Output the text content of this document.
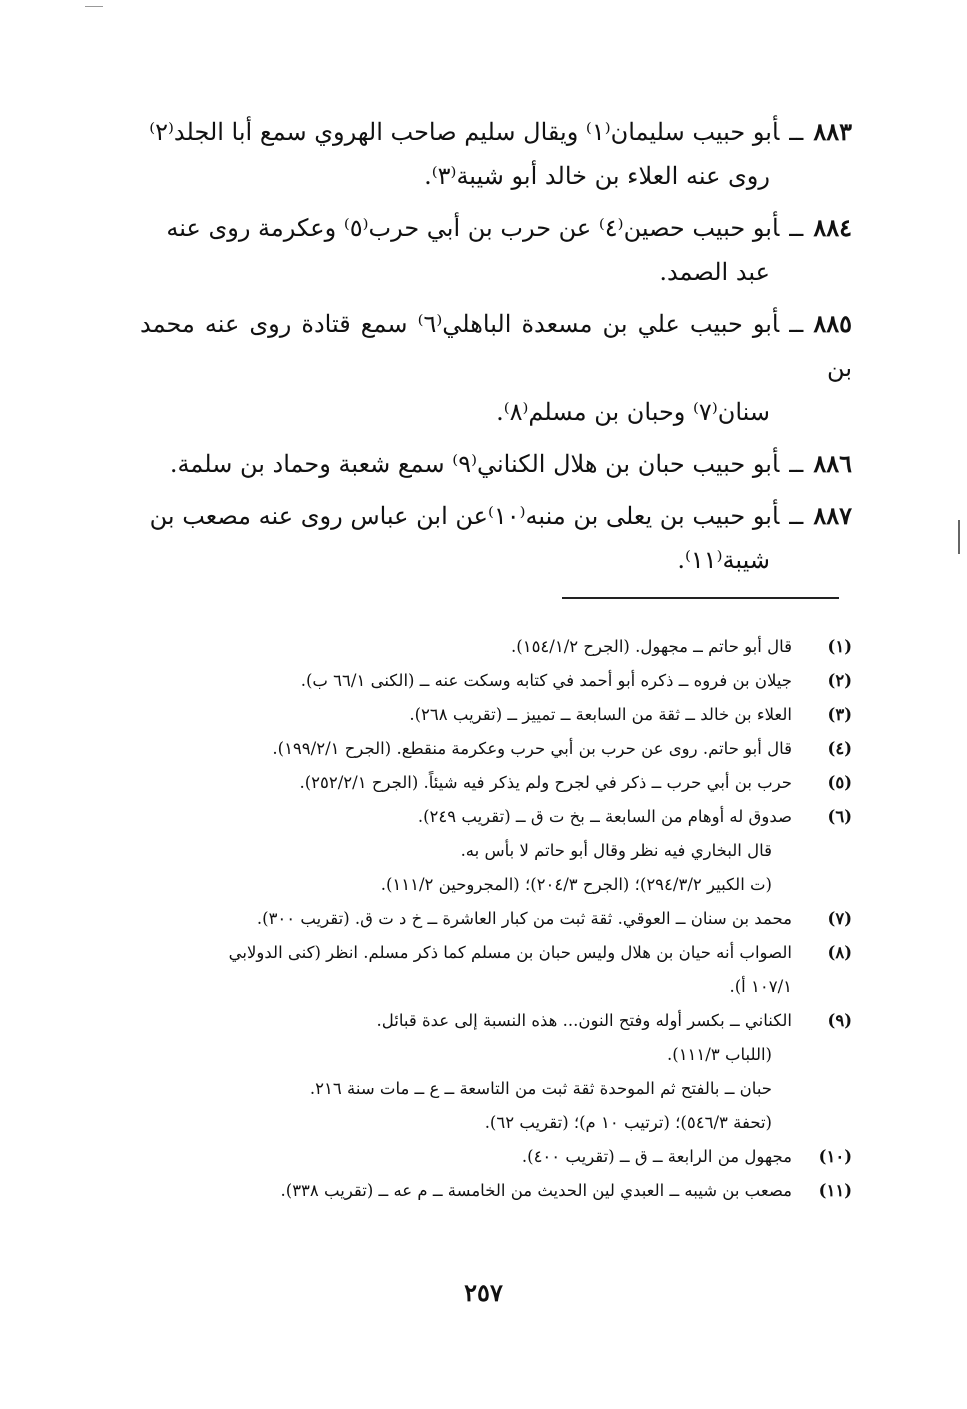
٨٨٣ــأبو حبيب سليمان⁽١⁾ ويقال سليم صاحب الهروي سمع أبا الجلد⁽٢⁾
روى عنه العلاء بن خالد أبو شيبة⁽٣⁾.
٨٨٤ــأبو حبيب حصين⁽٤⁾ عن حرب بن أبي حرب⁽٥⁾ وعكرمة روى عنه
عبد الصمد.
٨٨٥ــأبو حبيب علي بن مسعدة الباهلي⁽٦⁾ سمع قتادة روى عنه محمد بن
سنان⁽٧⁾ وحبان بن مسلم⁽٨⁾.
٨٨٦ــأبو حبيب حبان بن هلال الكناني⁽٩⁾ سمع شعبة وحماد بن سلمة.
٨٨٧ــأبو حبيب بن يعلى بن منبه⁽١٠⁾عن ابن عباس روى عنه مصعب بن
شيبة⁽١١⁾.
(١)
قال أبو حاتم ــ مجهول. (الجرح ١٥٤/١/٢).
(٢)
جيلان بن فروه ــ ذكره أبو أحمد في كتابه وسكت عنه ــ (الكنى ٦٦/١ ب).
(٣)
العلاء بن خالد ــ ثقة من السابعة ــ تمييز ــ (تقريب ٢٦٨).
(٤)
قال أبو حاتم. روى عن حرب بن أبي حرب وعكرمة منقطع. (الجرح ١٩٩/٢/١).
(٥)
حرب بن أبي حرب ــ ذكر في لجرح ولم يذكر فيه شيئاً. (الجرح ٢٥٢/٢/١).
(٦)
صدوق له أوهام من السابعة ــ بخ ت ق ــ (تقريب ٢٤٩).
قال البخاري فيه نظر وقال أبو حاتم لا بأس به.
(ت الكبير ٢٩٤/٣/٢)؛ (الجرح ٢٠٤/٣)؛ (المجروحين ١١١/٢).
(٧)
محمد بن سنان ــ العوقي. ثقة ثبت من كبار العاشرة ــ خ د ت ق. (تقريب ٣٠٠).
(٨)
الصواب أنه حيان بن هلال وليس حبان بن مسلم كما ذكر مسلم. انظر (كنى الدولابي
١٠٧/١ أ).
(٩)
الكناني ــ بكسر أوله وفتح النون... هذه النسبة إلى عدة قبائل.
(اللباب ١١١/٣).
حبان ــ بالفتح ثم الموحدة ثقة ثبت من التاسعة ــ ع ــ مات سنة ٢١٦.
(تحفة ٥٤٦/٣)؛ (ترتيب ١٠ م)؛ (تقريب ٦٢).
(١٠)
مجهول من الرابعة ــ ق ــ (تقريب ٤٠٠).
(١١)
مصعب بن شيبه ــ العبدي لين الحديث من الخامسة ــ م عه ــ (تقريب ٣٣٨).
٢٥٧
